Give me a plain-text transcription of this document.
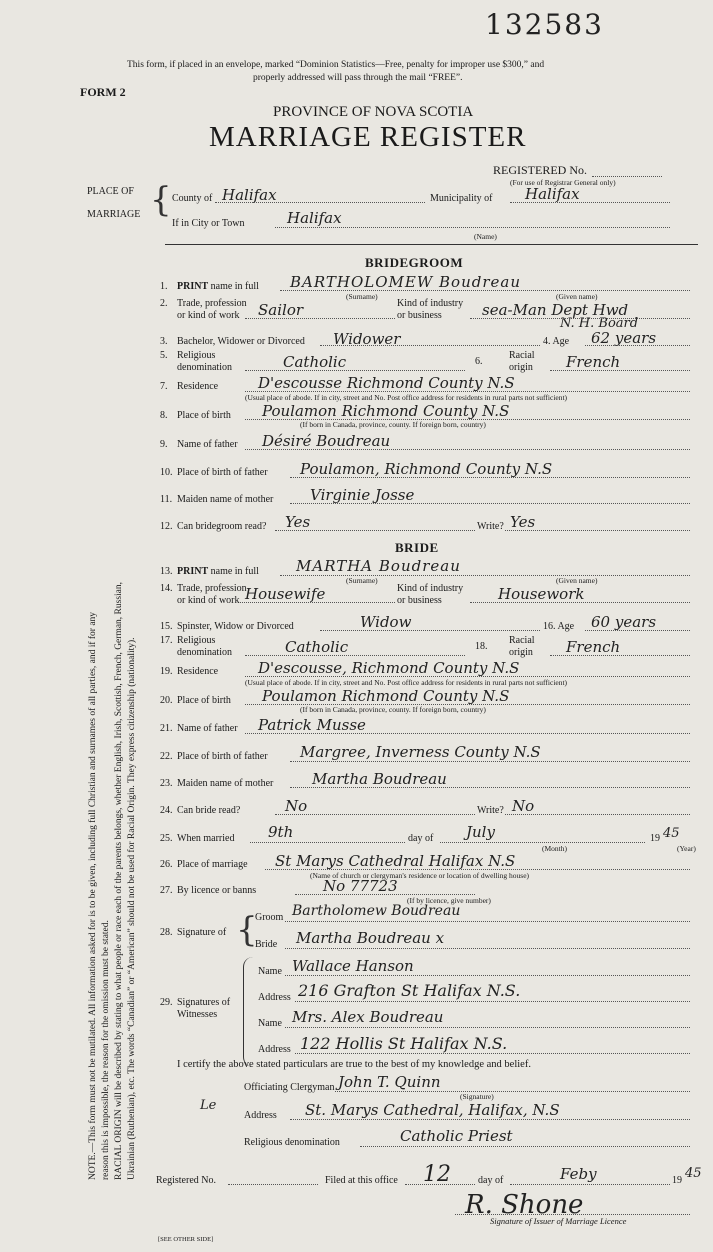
132583
This form, if placed in an envelope, marked “Dominion Statistics—Free, penalty for improper use $300,” and
properly addressed will pass through the mail “FREE”.
FORM 2
PROVINCE OF NOVA SCOTIA
MARRIAGE REGISTER
REGISTERED No.
(For use of Registrar General only)
PLACE OF
MARRIAGE { County of Halifax	Municipality of Halifax
If in City or Town	Halifax
(Name)
BRIDEGROOM
1. PRINT name in full BARTHOLOMEW Boudreau
(Surname)	(Given name)
2. Trade, profession
or kind of work Sailor	Kind of industry
or business	sea-Man Dept Hwd
N. H. Board
3. Bachelor, Widower or Divorced Widower	4. Age 62 years
5. Religious
denomination	Catholic	6.
Racial
origin French
7. Residence	D'escousse Richmond County N.S
(Usual place of abode. If in city, street and No. Post office address for residents in rural parts not sufficient)
8. Place of birth Poulamon Richmond County N.S
(If born in Canada, province, county. If foreign born, country)
9. Name of father Désiré Boudreau
10. Place of birth of father Poulamon, Richmond County N.S
11. Maiden name of mother Virginie Josse
12. Can bridegroom read? Yes	Write? Yes
BRIDE
13. PRINT name in full MARTHA Boudreau
(Surname)	(Given name)
14. Trade, profession
or kind of work Housewife	Kind of industry
or business	Housework
15. Spinster, Widow or Divorced	Widow	16. Age 60 years
17. Religious
denomination	Catholic	18.
Racial
origin French
19. Residence	D'escousse, Richmond County N.S
(Usual place of abode. If in city, street and No. Post office address for residents in rural parts not sufficient)
20. Place of birth Poulamon Richmond County N.S
(If born in Canada, province, county. If foreign born, country)
21. Name of father Patrick Musse
22. Place of birth of father Margree, Inverness County N.S
23. Maiden name of mother	Martha Boudreau
24. Can bride read?	No	Write? No
25. When married 9th	day of July
(Month)
19 45
(Year)
26. Place of marriage St Marys Cathedral Halifax N.S
(Name of church or clergyman's residence or location of dwelling house)
27. By licence or banns	No 77723
(If by licence, give number)
28. Signature of {
Groom Bartholomew Boudreau
Bride Martha Boudreau x
29. Signatures of
Witnesses
Name Wallace Hanson
Address 216 Grafton St Halifax N.S.
Name Mrs. Alex Boudreau
Address 122 Hollis St Halifax N.S.
I certify the above stated particulars are true to the best of my knowledge and belief.
Officiating Clergyman John T. Quinn
(Signature)
Le
Address St. Marys Cathedral, Halifax, N.S
Religious denomination	Catholic Priest
Registered No.	Filed at this office 12	day of	Feby	19 45
R. Shone
Signature of Issuer of Marriage Licence
[SEE OTHER SIDE]
NOTE.—This form must not be mutilated. All information asked for is to be given, including full Christian and surnames of all parties, and if for any reason this is impossible, the reason for the omission must be stated. RACIAL ORIGIN will be described by stating to what people or race each of the parents belongs, whether English, Irish, Scottish, French, German, Russian, Ukrainian (Ruthenian), etc. The words “Canadian” or “American” should not be used for Racial Origin. They express citizenship (nationality).
